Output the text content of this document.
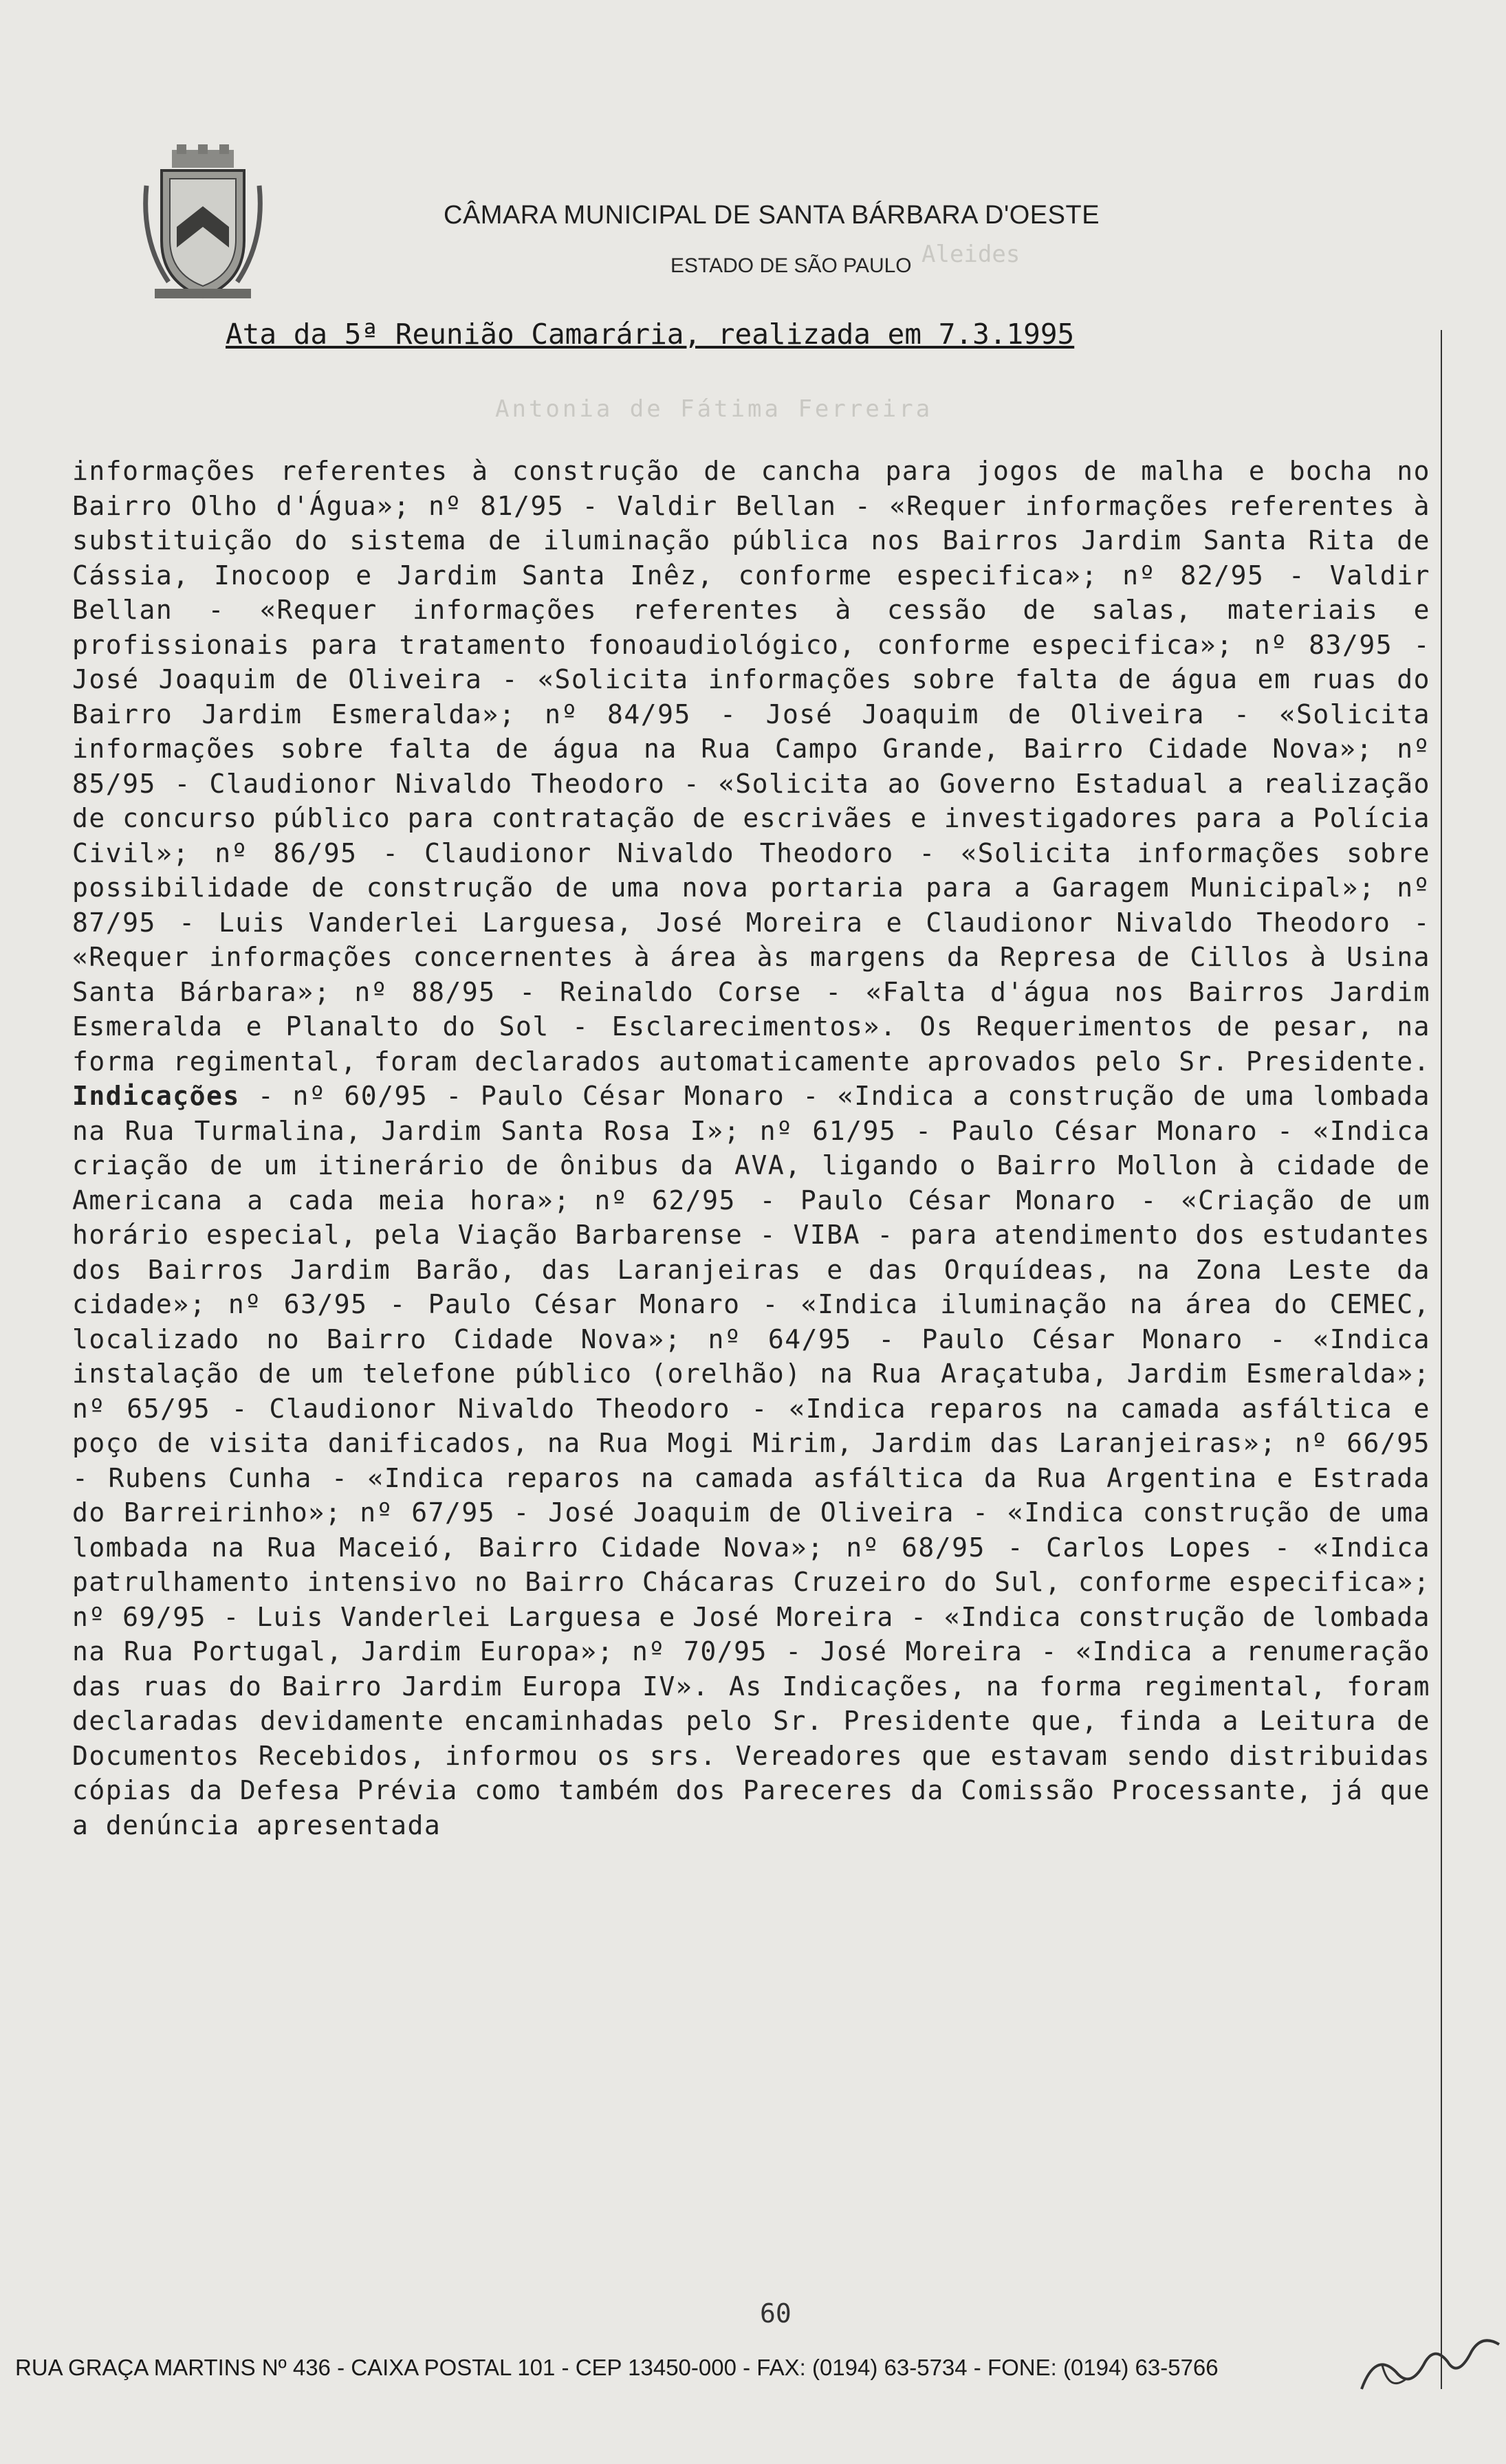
CÂMARA MUNICIPAL DE SANTA BÁRBARA D'OESTE
ESTADO DE SÃO PAULO Aleides
Antonia de Fátima Ferreira
Ata da 5ª Reunião Camarária, realizada em 7.3.1995

informações referentes à construção de cancha para jogos de malha e bocha no Bairro Olho d'Água»; nº 81/95 - Valdir Bellan - «Requer informações referentes à substituição do sistema de iluminação pública nos Bairros Jardim Santa Rita de Cássia, Inocoop e Jardim Santa Inêz, conforme especifica»; nº 82/95 - Valdir Bellan - «Requer informações referentes à cessão de salas, materiais e profissionais para tratamento fonoaudiológico, conforme especifica»; nº 83/95 - José Joaquim de Oliveira - «Solicita informações sobre falta de água em ruas do Bairro Jardim Esmeralda»; nº 84/95 - José Joaquim de Oliveira - «Solicita informações sobre falta de água na Rua Campo Grande, Bairro Cidade Nova»; nº 85/95 - Claudionor Nivaldo Theodoro - «Solicita ao Governo Estadual a realização de concurso público para contratação de escrivães e investigadores para a Polícia Civil»; nº 86/95 - Claudionor Nivaldo Theodoro - «Solicita informações sobre possibilidade de construção de uma nova portaria para a Garagem Municipal»; nº 87/95 - Luis Vanderlei Larguesa, José Moreira e Claudionor Nivaldo Theodoro - «Requer informações concernentes à área às margens da Represa de Cillos à Usina Santa Bárbara»; nº 88/95 - Reinaldo Corse - «Falta d'água nos Bairros Jardim Esmeralda e Planalto do Sol - Esclarecimentos». Os Requerimentos de pesar, na forma regimental, foram declarados automaticamente aprovados pelo Sr. Presidente. Indicações - nº 60/95 - Paulo César Monaro - «Indica a construção de uma lombada na Rua Turmalina, Jardim Santa Rosa I»; nº 61/95 - Paulo César Monaro - «Indica criação de um itinerário de ônibus da AVA, ligando o Bairro Mollon à cidade de Americana a cada meia hora»; nº 62/95 - Paulo César Monaro - «Criação de um horário especial, pela Viação Barbarense - VIBA - para atendimento dos estudantes dos Bairros Jardim Barão, das Laranjeiras e das Orquídeas, na Zona Leste da cidade»; nº 63/95 - Paulo César Monaro - «Indica iluminação na área do CEMEC, localizado no Bairro Cidade Nova»; nº 64/95 - Paulo César Monaro - «Indica instalação de um telefone público (orelhão) na Rua Araçatuba, Jardim Esmeralda»; nº 65/95 - Claudionor Nivaldo Theodoro - «Indica reparos na camada asfáltica e poço de visita danificados, na Rua Mogi Mirim, Jardim das Laranjeiras»; nº 66/95 - Rubens Cunha - «Indica reparos na camada asfáltica da Rua Argentina e Estrada do Barreirinho»; nº 67/95 - José Joaquim de Oliveira - «Indica construção de uma lombada na Rua Maceió, Bairro Cidade Nova»; nº 68/95 - Carlos Lopes - «Indica patrulhamento intensivo no Bairro Chácaras Cruzeiro do Sul, conforme especifica»; nº 69/95 - Luis Vanderlei Larguesa e José Moreira - «Indica construção de lombada na Rua Portugal, Jardim Europa»; nº 70/95 - José Moreira - «Indica a renumeração das ruas do Bairro Jardim Europa IV». As Indicações, na forma regimental, foram declaradas devidamente encaminhadas pelo Sr. Presidente que, finda a Leitura de Documentos Recebidos, informou os srs. Vereadores que estavam sendo distribuidas cópias da Defesa Prévia como também dos Pareceres da Comissão Processante, já que a denúncia apresentada

60
RUA GRAÇA MARTINS Nº 436 - CAIXA POSTAL 101 - CEP 13450-000 - FAX: (0194) 63-5734 - FONE: (0194) 63-5766
